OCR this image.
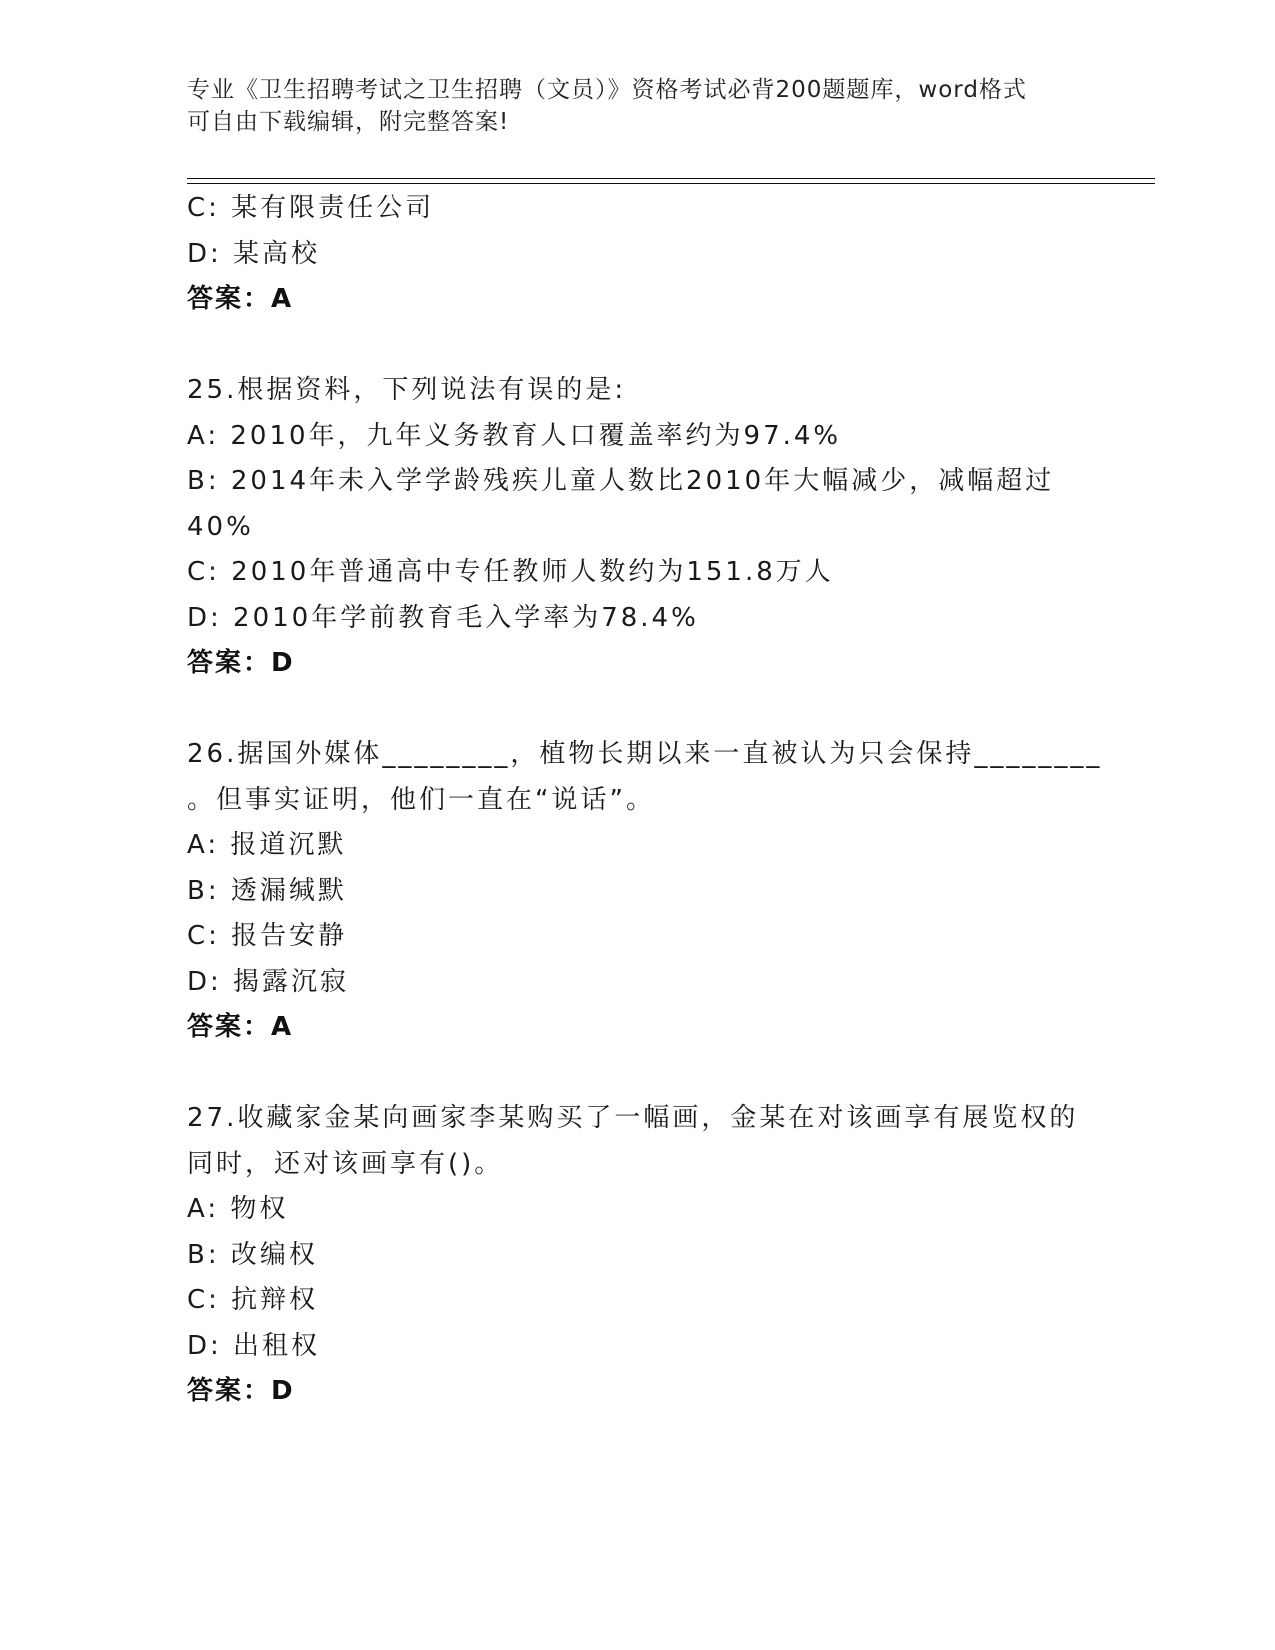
专业《卫生招聘考试之卫生招聘（文员）》资格考试必背200题题库，word格式
可自由下载编辑，附完整答案!
C: 某有限责任公司
D: 某高校
答案：A
25.根据资料，下列说法有误的是:
A: 2010年，九年义务教育人口覆盖率约为97.4%
B: 2014年未入学学龄残疾儿童人数比2010年大幅减少，减幅超过
40%
C: 2010年普通高中专任教师人数约为151.8万人
D: 2010年学前教育毛入学率为78.4%
答案：D
26.据国外媒体________，植物长期以来一直被认为只会保持________
。但事实证明，他们一直在“说话”。
A: 报道沉默
B: 透漏缄默
C: 报告安静
D: 揭露沉寂
答案：A
27.收藏家金某向画家李某购买了一幅画，金某在对该画享有展览权的
同时，还对该画享有()。
A: 物权
B: 改编权
C: 抗辩权
D: 出租权
答案：D
